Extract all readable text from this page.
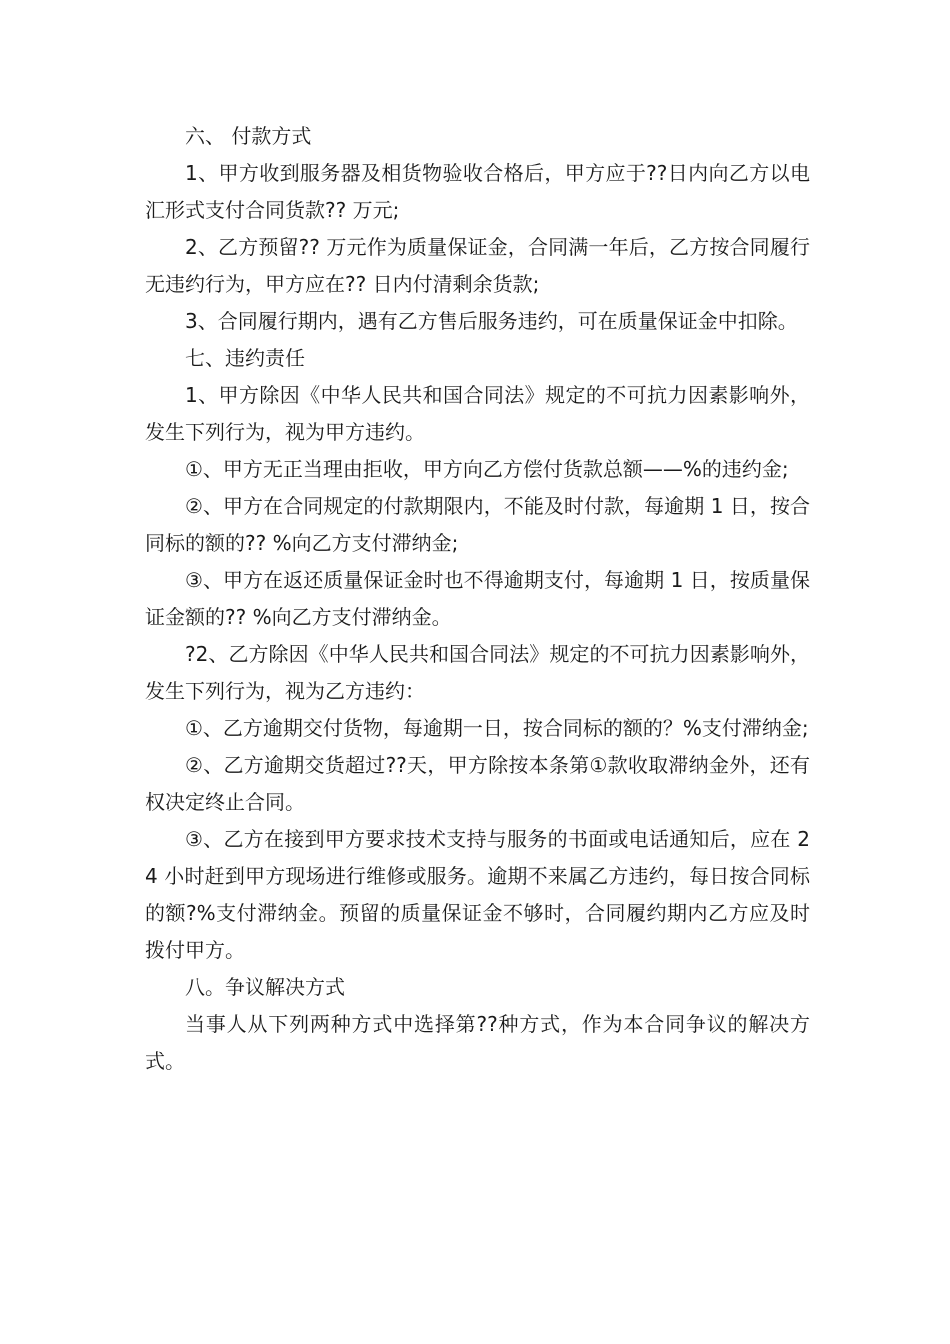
六、 付款方式

1、甲方收到服务器及相货物验收合格后，甲方应于??日内向乙方以电汇形式支付合同货款?? 万元;

2、乙方预留?? 万元作为质量保证金，合同满一年后，乙方按合同履行无违约行为，甲方应在?? 日内付清剩余货款;

3、合同履行期内，遇有乙方售后服务违约，可在质量保证金中扣除。

七、违约责任

1、甲方除因《中华人民共和国合同法》规定的不可抗力因素影响外，发生下列行为，视为甲方违约。

①、甲方无正当理由拒收，甲方向乙方偿付货款总额——%的违约金;

②、甲方在合同规定的付款期限内，不能及时付款，每逾期 1 日，按合同标的额的?? %向乙方支付滞纳金;

③、甲方在返还质量保证金时也不得逾期支付，每逾期 1 日，按质量保证金额的?? %向乙方支付滞纳金。

?2、乙方除因《中华人民共和国合同法》规定的不可抗力因素影响外，发生下列行为，视为乙方违约：

①、乙方逾期交付货物，每逾期一日，按合同标的额的？%支付滞纳金;

②、乙方逾期交货超过??天，甲方除按本条第①款收取滞纳金外，还有权决定终止合同。

③、乙方在接到甲方要求技术支持与服务的书面或电话通知后，应在 24 小时赶到甲方现场进行维修或服务。逾期不来属乙方违约，每日按合同标的额?%支付滞纳金。预留的质量保证金不够时，合同履约期内乙方应及时拨付甲方。

八。争议解决方式

当事人从下列两种方式中选择第??种方式，作为本合同争议的解决方式。
